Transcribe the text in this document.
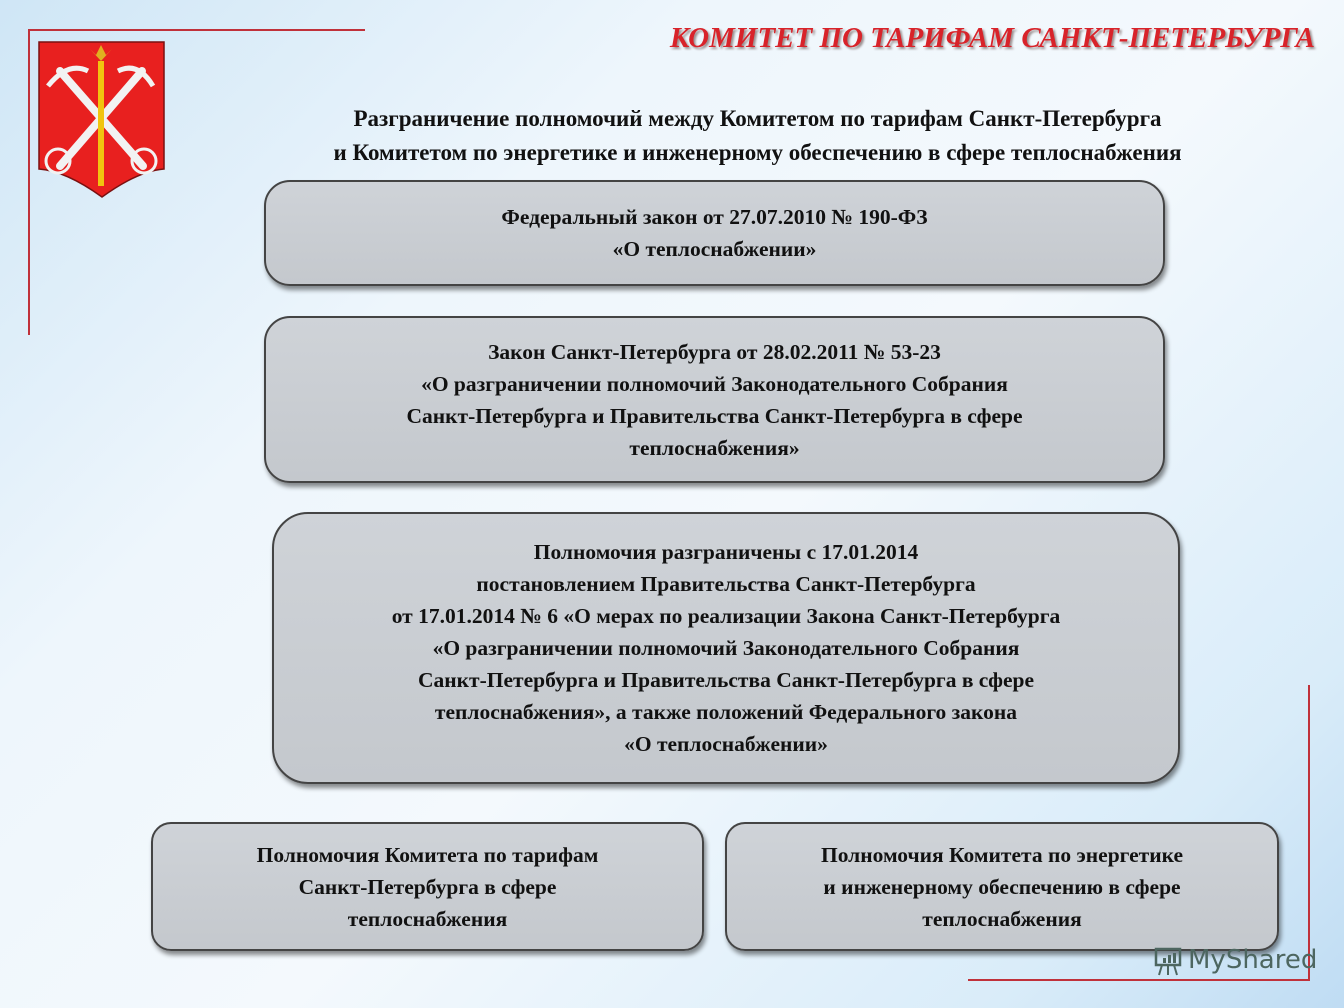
КОМИТЕТ ПО ТАРИФАМ САНКТ-ПЕТЕРБУРГА
Разграничение полномочий между Комитетом по тарифам Санкт-Петербурга
и Комитетом по энергетике и инженерному обеспечению в сфере теплоснабжения
Федеральный закон от 27.07.2010 № 190-ФЗ
«О теплоснабжении»
Закон Санкт-Петербурга от 28.02.2011 № 53-23
«О разграничении полномочий Законодательного Собрания
Санкт-Петербурга и Правительства Санкт-Петербурга в сфере
теплоснабжения»
Полномочия разграничены с 17.01.2014
постановлением Правительства Санкт-Петербурга
от 17.01.2014 № 6 «О мерах по реализации Закона Санкт-Петербурга
«О разграничении полномочий Законодательного Собрания
Санкт-Петербурга и Правительства Санкт-Петербурга в сфере
теплоснабжения», а также положений Федерального закона
«О теплоснабжении»
Полномочия Комитета по тарифам
Санкт-Петербурга в сфере
теплоснабжения
Полномочия Комитета по энергетике
и инженерному обеспечению в сфере
теплоснабжения
MyShared
